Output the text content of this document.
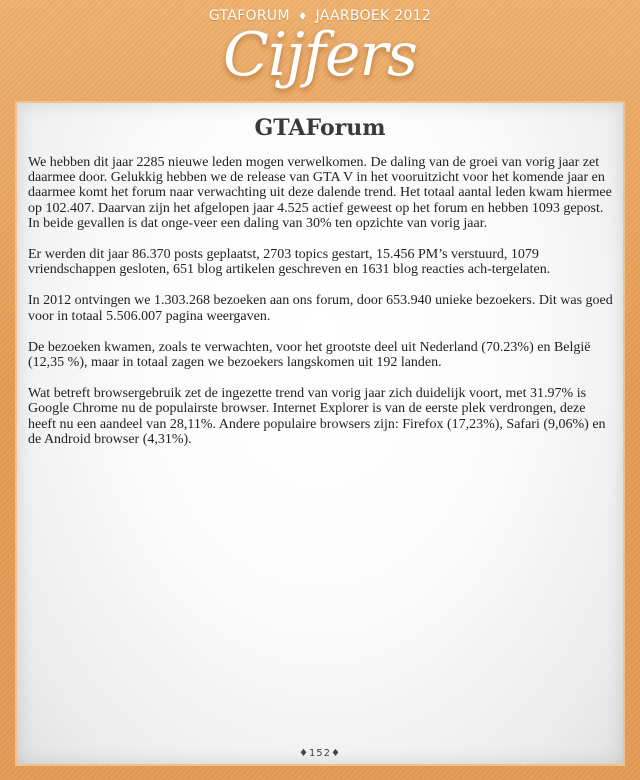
GTAFORUM ♦ JAARBOEK 2012
Cijfers
GTAForum

We hebben dit jaar 2285 nieuwe leden mogen verwelkomen. De daling van de groei van vorig jaar zet daarmee door. Gelukkig hebben we de release van GTA V in het vooruitzicht voor het komende jaar en daarmee komt het forum naar verwachting uit deze dalende trend. Het totaal aantal leden kwam hiermee op 102.407. Daarvan zijn het afgelopen jaar 4.525 actief geweest op het forum en hebben 1093 gepost. In beide gevallen is dat onge-veer een daling van 30% ten opzichte van vorig jaar.

Er werden dit jaar 86.370 posts geplaatst, 2703 topics gestart, 15.456 PM’s verstuurd, 1079 vriendschappen gesloten, 651 blog artikelen geschreven en 1631 blog reacties ach-tergelaten.

In 2012 ontvingen we 1.303.268 bezoeken aan ons forum, door 653.940 unieke bezoekers. Dit was goed voor in totaal 5.506.007 pagina weergaven.

De bezoeken kwamen, zoals te verwachten, voor het grootste deel uit Nederland (70.23%) en België (12,35 %), maar in totaal zagen we bezoekers langskomen uit 192 landen.

Wat betreft browsergebruik zet de ingezette trend van vorig jaar zich duidelijk voort, met 31.97% is Google Chrome nu de populairste browser. Internet Explorer is van de eerste plek verdrongen, deze heeft nu een aandeel van 28,11%. Andere populaire browsers zijn: Firefox (17,23%), Safari (9,06%) en de Android browser (4,31%).

♦152♦
